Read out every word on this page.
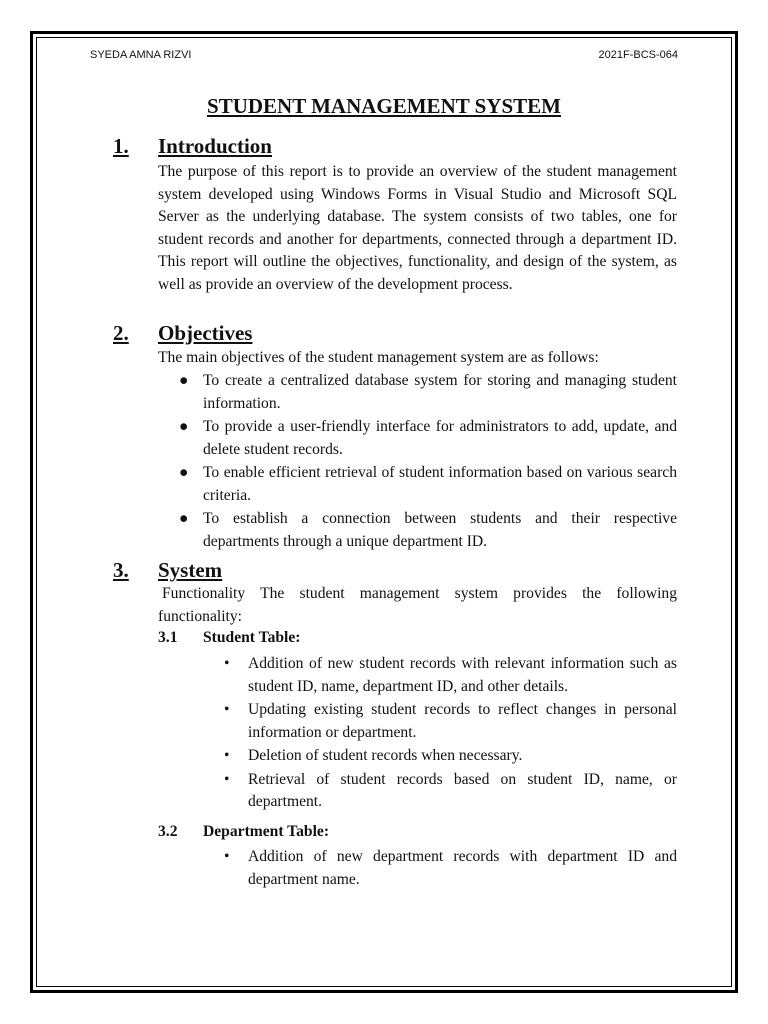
SYEDA AMNA RIZVI	2021F-BCS-064
STUDENT MANAGEMENT SYSTEM
1. Introduction
The purpose of this report is to provide an overview of the student management system developed using Windows Forms in Visual Studio and Microsoft SQL Server as the underlying database. The system consists of two tables, one for student records and another for departments, connected through a department ID. This report will outline the objectives, functionality, and design of the system, as well as provide an overview of the development process.
2. Objectives
The main objectives of the student management system are as follows:
● To create a centralized database system for storing and managing student information.
● To provide a user-friendly interface for administrators to add, update, and delete student records.
● To enable efficient retrieval of student information based on various search criteria.
● To establish a connection between students and their respective departments through a unique department ID.
3. System
Functionality The student management system provides the following functionality:
3.1 Student Table:
• Addition of new student records with relevant information such as student ID, name, department ID, and other details.
• Updating existing student records to reflect changes in personal information or department.
• Deletion of student records when necessary.
• Retrieval of student records based on student ID, name, or department.
3.2 Department Table:
• Addition of new department records with department ID and department name.
